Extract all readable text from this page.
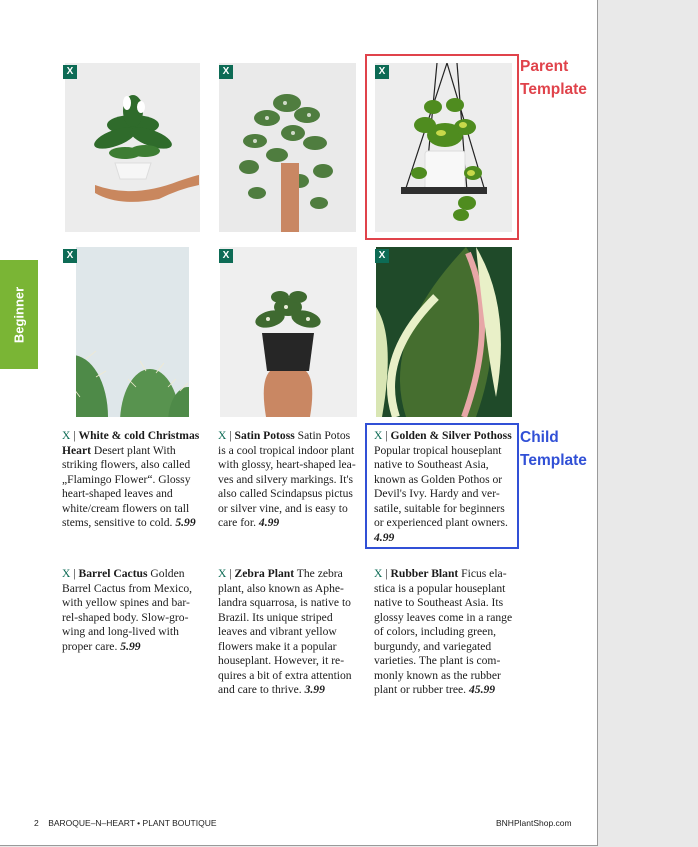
X	X	X
X	X	X
Beginner
X | White & cold Christmas Heart Desert plant With striking flowers, also called „Flamingo Flower“. Glossy heart-shaped leaves and white/cream flowers on tall stems, sensitive to cold. 5.99
X | Satin Potoss Satin Potos is a cool tropical indoor plant with glossy, heart-shaped lea-ves and silvery markings. It's also called Scindapsus pictus or silver vine, and is easy to care for. 4.99
X | Golden & Silver Pothoss Popular tropical houseplant native to Southeast Asia, known as Golden Pothos or Devil's Ivy. Hardy and ver-satile, suitable for beginners or experienced plant owners. 4.99
X | Barrel Cactus Golden Barrel Cactus from Mexico, with yellow spines and bar-rel-shaped body. Slow-gro-wing and long-lived with proper care. 5.99
X | Zebra Plant The zebra plant, also known as Aphe-landra squarrosa, is native to Brazil. Its unique striped leaves and vibrant yellow flowers make it a popular houseplant. However, it re-quires a bit of extra attention and care to thrive. 3.99
X | Rubber Blant Ficus ela-stica is a popular houseplant native to Southeast Asia. Its glossy leaves come in a range of colors, including green, burgundy, and variegated varieties. The plant is com-monly known as the rubber plant or rubber tree. 45.99
2 BAROQUE–N–HEART • PLANT BOUTIQUE	BNHPlantShop.com
Parent Template
Child Template
